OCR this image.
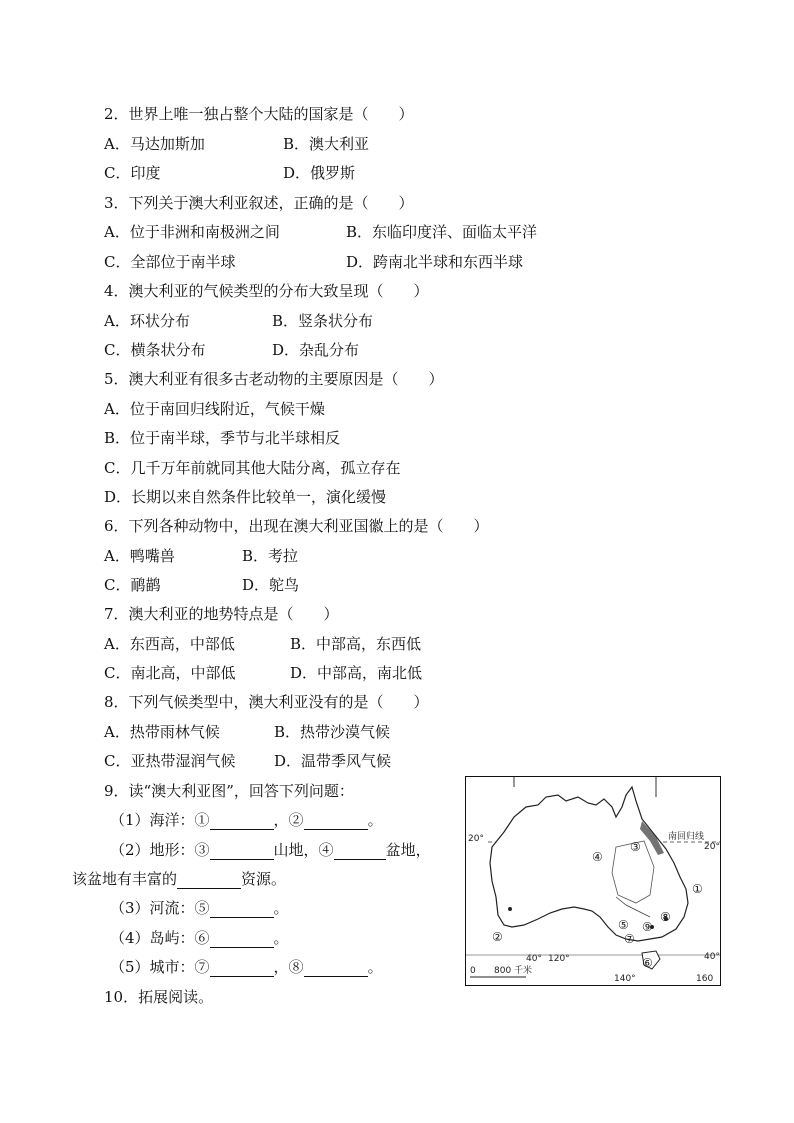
2．世界上唯一独占整个大陆的国家是（　　）
A．马达加斯加	B．澳大利亚
C．印度	D．俄罗斯
3．下列关于澳大利亚叙述，正确的是（　　）
A．位于非洲和南极洲之间	B．东临印度洋、面临太平洋
C．全部位于南半球	D．跨南北半球和东西半球
4．澳大利亚的气候类型的分布大致呈现（　　）
A．环状分布	B．竖条状分布
C．横条状分布	D．杂乱分布
5．澳大利亚有很多古老动物的主要原因是（　　）
A．位于南回归线附近，气候干燥
B．位于南半球，季节与北半球相反
C．几千万年前就同其他大陆分离，孤立存在
D．长期以来自然条件比较单一，演化缓慢
6．下列各种动物中，出现在澳大利亚国徽上的是（　　）
A．鸭嘴兽	B．考拉
C．鸸鹋	D．鸵鸟
7．澳大利亚的地势特点是（　　）
A．东西高，中部低	B．中部高，东西低
C．南北高，中部低	D．中部高，南北低
8．下列气候类型中，澳大利亚没有的是（　　）
A．热带雨林气候	B．热带沙漠气候
C．亚热带湿润气候	D．温带季风气候
9．读“澳大利亚图”，回答下列问题：
（1）海洋：①	，②	。
（2）地形：③	山地，④	盆地，
该盆地有丰富的	资源。
（3）河流：⑤	。
（4）岛屿：⑥	。
（5）城市：⑦	，⑧	。
10．拓展阅读。
20°	南回归线
20°
40° 120°
140°	160
40°
0 800 千米
①
②
③
④
⑤
⑥
⑦
⑧
⑨
